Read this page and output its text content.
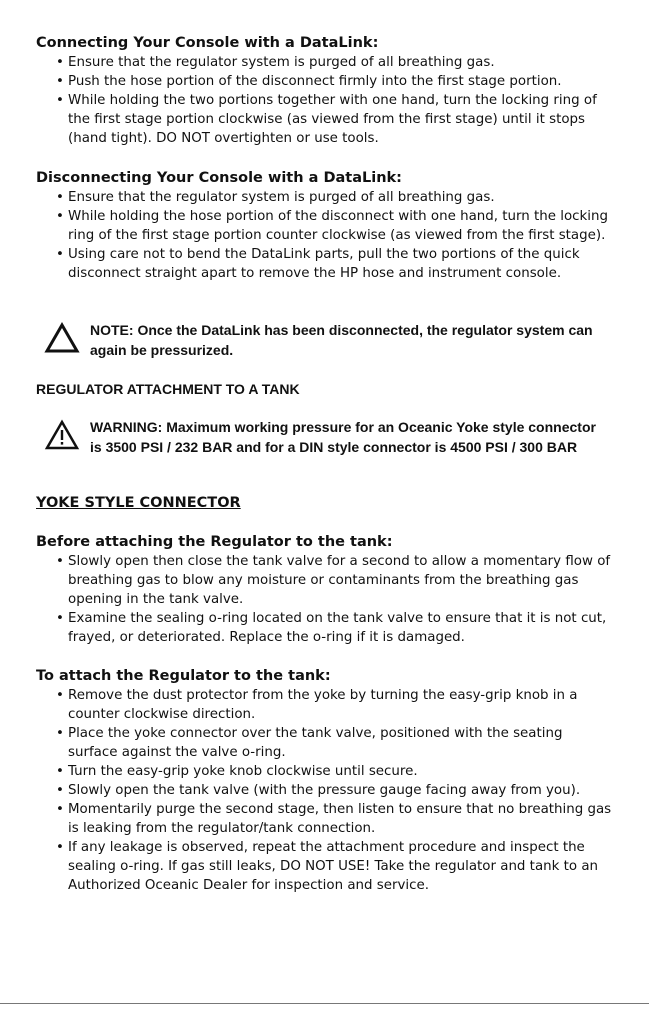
Connecting Your Console with a DataLink:

• Ensure that the regulator system is purged of all breathing gas.
• Push the hose portion of the disconnect firmly into the first stage portion.
• While holding the two portions together with one hand, turn the locking ring of the first stage portion clockwise (as viewed from the first stage) until it stops (hand tight). DO NOT overtighten or use tools.

Disconnecting Your Console with a DataLink:

• Ensure that the regulator system is purged of all breathing gas.
• While holding the hose portion of the disconnect with one hand, turn the locking ring of the first stage portion counter clockwise (as viewed from the first stage).
• Using care not to bend the DataLink parts, pull the two portions of the quick disconnect straight apart to remove the HP hose and instrument console.
NOTE: Once the DataLink has been disconnected, the regulator system can again be pressurized.

REGULATOR ATTACHMENT TO A TANK

WARNING: Maximum working pressure for an Oceanic Yoke style connector is 3500 PSI / 232 BAR and for a DIN style connector is 4500 PSI / 300 BAR

YOKE STYLE CONNECTOR

Before attaching the Regulator to the tank:

• Slowly open then close the tank valve for a second to allow a momentary flow of breathing gas to blow any moisture or contaminants from the breathing gas opening in the tank valve.
• Examine the sealing o-ring located on the tank valve to ensure that it is not cut, frayed, or deteriorated. Replace the o-ring if it is damaged.

To attach the Regulator to the tank:

• Remove the dust protector from the yoke by turning the easy-grip knob in a counter clockwise direction.
• Place the yoke connector over the tank valve, positioned with the seating surface against the valve o-ring.
• Turn the easy-grip yoke knob clockwise until secure.
• Slowly open the tank valve (with the pressure gauge facing away from you).
• Momentarily purge the second stage, then listen to ensure that no breathing gas is leaking from the regulator/tank connection.
• If any leakage is observed, repeat the attachment procedure and inspect the sealing o-ring. If gas still leaks, DO NOT USE! Take the regulator and tank to an Authorized Oceanic Dealer for inspection and service.
